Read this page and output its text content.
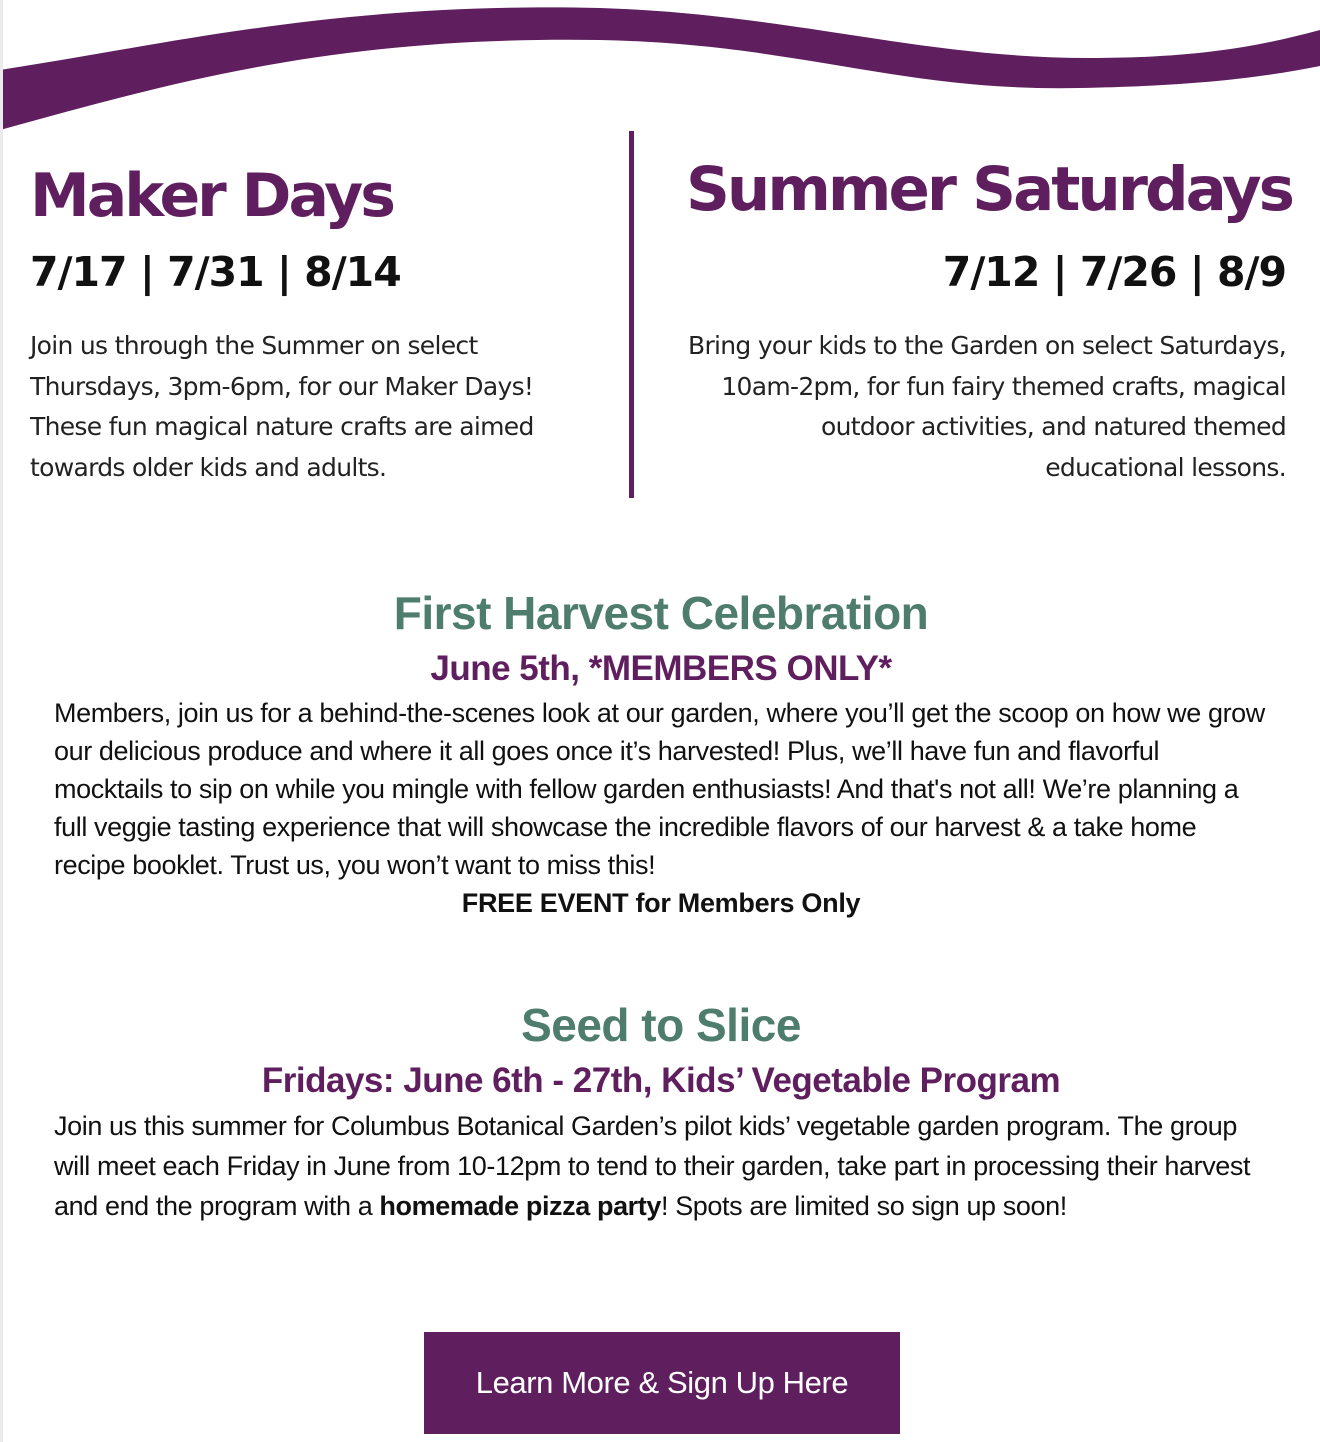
Maker Days
7/17 | 7/31 | 8/14

Join us through the Summer on select Thursdays, 3pm-6pm, for our Maker Days! These fun magical nature crafts are aimed towards older kids and adults.

Summer Saturdays
7/12 | 7/26 | 8/9

Bring your kids to the Garden on select Saturdays, 10am-2pm, for fun fairy themed crafts, magical outdoor activities, and natured themed educational lessons.

First Harvest Celebration
June 5th, *MEMBERS ONLY*

Members, join us for a behind-the-scenes look at our garden, where you’ll get the scoop on how we grow our delicious produce and where it all goes once it’s harvested! Plus, we’ll have fun and flavorful mocktails to sip on while you mingle with fellow garden enthusiasts! And that's not all! We’re planning a full veggie tasting experience that will showcase the incredible flavors of our harvest & a take home recipe booklet. Trust us, you won’t want to miss this!

FREE EVENT for Members Only

Seed to Slice
Fridays: June 6th - 27th, Kids’ Vegetable Program

Join us this summer for Columbus Botanical Garden’s pilot kids’ vegetable garden program. The group will meet each Friday in June from 10-12pm to tend to their garden, take part in processing their harvest and end the program with a homemade pizza party! Spots are limited so sign up soon!

Learn More & Sign Up Here
